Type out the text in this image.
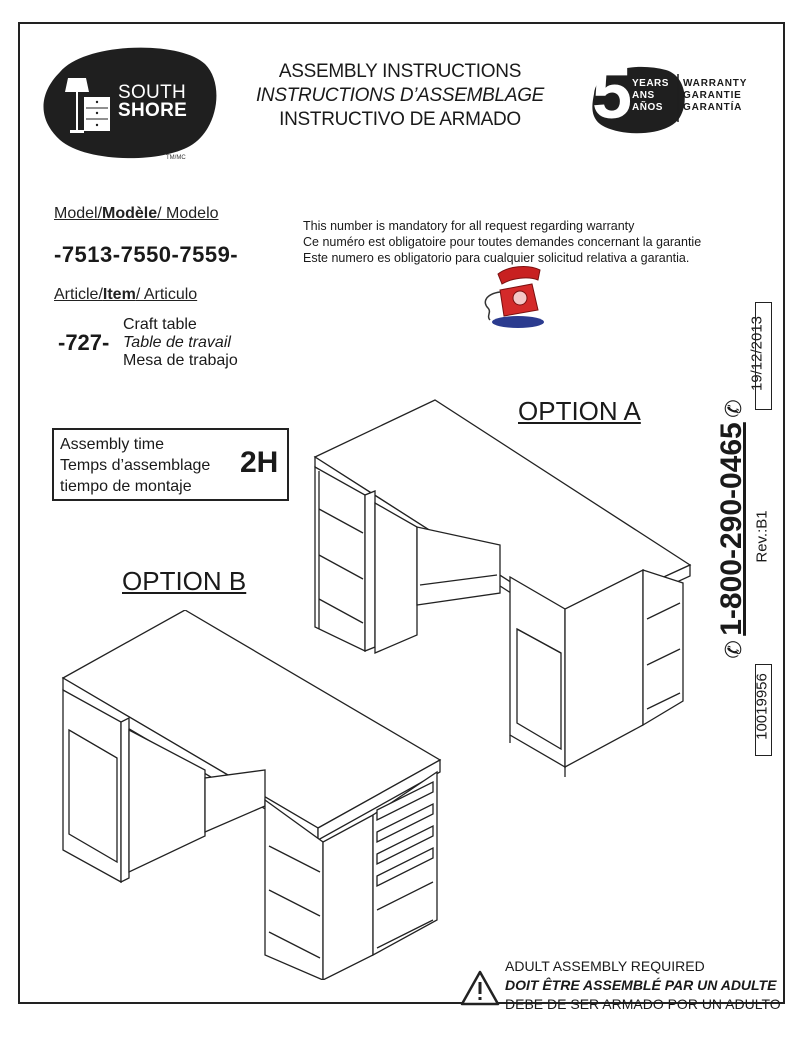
SOUTH
SHORE
TM/MC
ASSEMBLY INSTRUCTIONS
INSTRUCTIONS D’ASSEMBLAGE
INSTRUCTIVO DE ARMADO 5 YEARS
ANS
AÑOS
WARRANTY
GARANTIE
GARANTÍA
Model/Modèle/ Modelo
-7513-7550-7559-
This number is mandatory for all request regarding warranty
Ce numéro est obligatoire pour toutes demandes concernant la garantie
Este numero es obligatorio para cualquier solicitud relativa a garantia.
Article/Item/ Articulo
-727-
Craft table
Table de travail
Mesa de trabajo
Assembly time
Temps d’assemblage
tiempo de montaje
2H
OPTION A
OPTION B
19/12/2013
✆ 1-800-290-0465 ✆
Rev.:B1
10019956
ADULT ASSEMBLY REQUIRED
DOIT ÊTRE ASSEMBLÉ PAR UN ADULTE
DEBE DE SER ARMADO POR UN ADULTO
